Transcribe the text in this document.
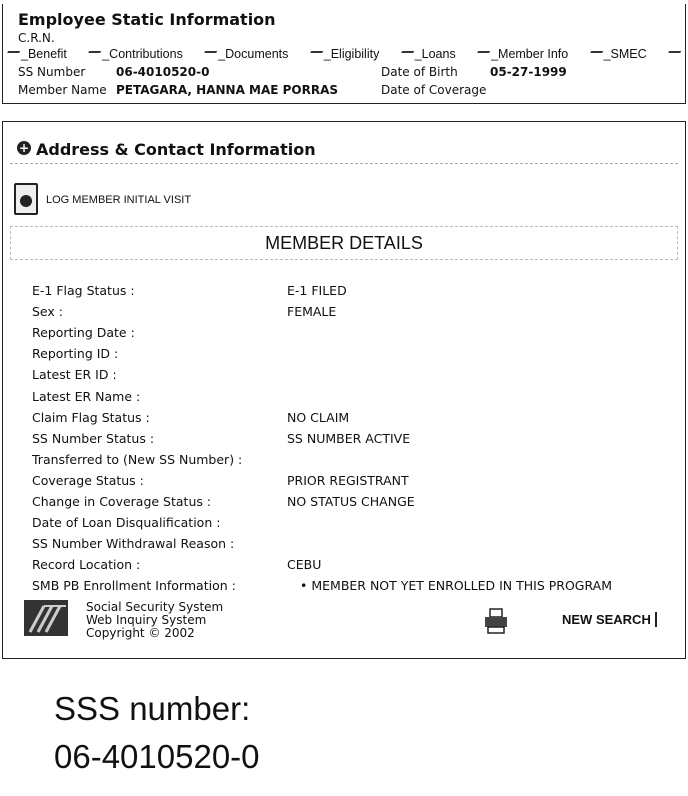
Employee Static Information
C.R.N.
_Benefit	_Contributions	_Documents	_Eligibility	_Loans	_Member Info	_SMEC
SS Number	06-4010520-0	Date of Birth	05-27-1999
Member Name PETAGARA, HANNA MAE PORRAS	Date of Coverage
+ Address & Contact Information
LOG MEMBER INITIAL VISIT
MEMBER DETAILS
E-1 Flag Status :	E-1 FILED
Sex :	FEMALE
Reporting Date :
Reporting ID :
Latest ER ID :
Latest ER Name :
Claim Flag Status :	NO CLAIM
SS Number Status :	SS NUMBER ACTIVE
Transferred to (New SS Number) :
Coverage Status :	PRIOR REGISTRANT
Change in Coverage Status :	NO STATUS CHANGE
Date of Loan Disqualification :
SS Number Withdrawal Reason :
Record Location :	CEBU
SMB PB Enrollment Information :	• MEMBER NOT YET ENROLLED IN THIS PROGRAM
Social Security System
Web Inquiry System
Copyright © 2002
NEW SEARCH
SSS number:
06-4010520-0
